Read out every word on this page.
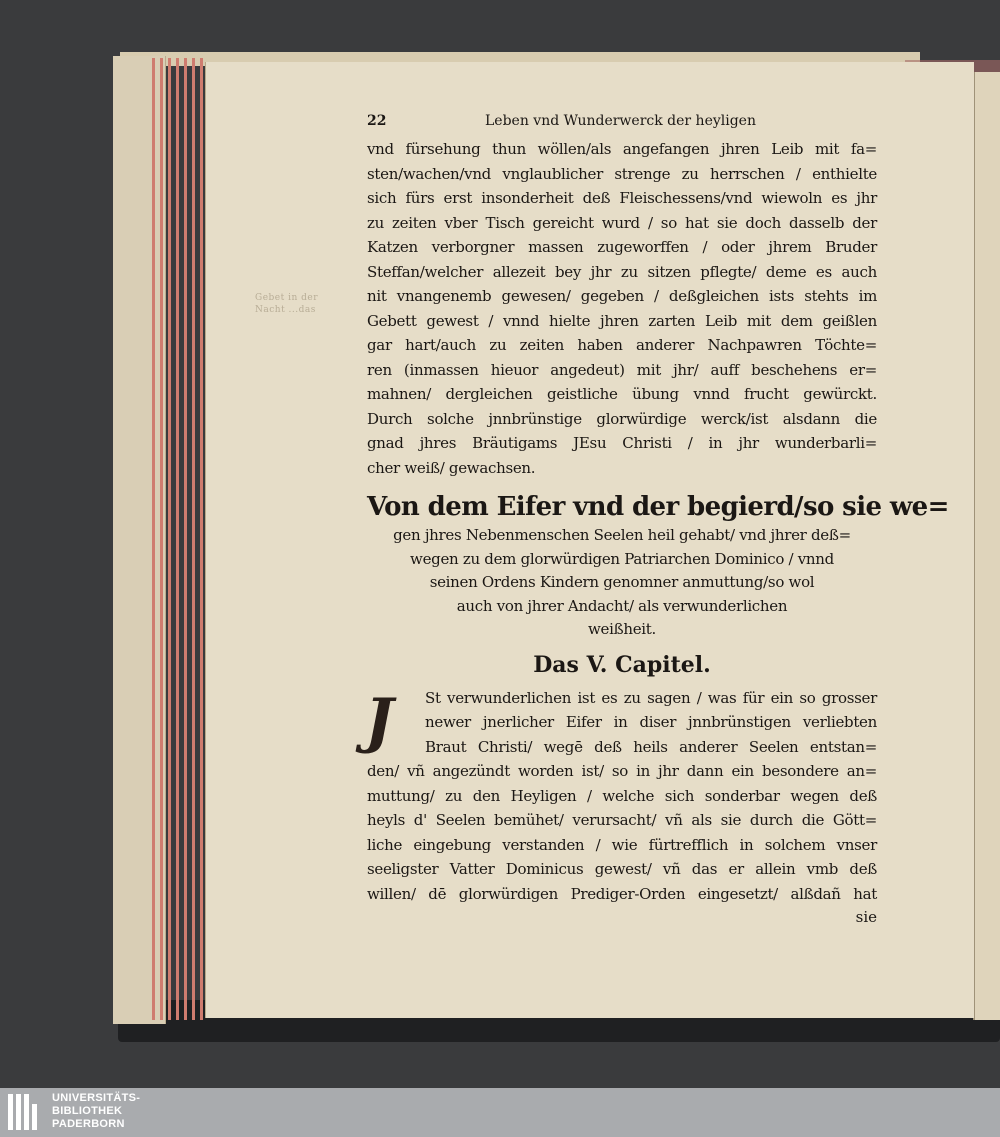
Gebet in der
Nacht ...das
22	Leben vnd Wunderwerck der heyligen
vnd fürsehung thun wöllen/als angefangen jhren Leib mit fa=
sten/wachen/vnd vnglaublicher strenge zu herrschen / enthielte
sich fürs erst insonderheit deß Fleischessens/vnd wiewoln es jhr
zu zeiten vber Tisch gereicht wurd / so hat sie doch dasselb der
Katzen verborgner massen zugeworffen / oder jhrem Bruder
Steffan/welcher allezeit bey jhr zu sitzen pflegte/ deme es auch
nit vnangenemb gewesen/ gegeben / deßgleichen ists stehts im
Gebett gewest / vnnd hielte jhren zarten Leib mit dem geißlen
gar hart/auch zu zeiten haben anderer Nachpawren Töchte=
ren (inmassen hieuor angedeut) mit jhr/ auff beschehens er=
mahnen/ dergleichen geistliche übung vnnd frucht gewürckt.
Durch solche jnnbrünstige glorwürdige werck/ist alsdann die
gnad jhres Bräutigams JEsu Christi / in jhr wunderbarli=
cher weiß/ gewachsen.
Von dem Eifer vnd der begierd/so sie we=
gen jhres Nebenmenschen Seelen heil gehabt/ vnd jhrer deß=
wegen zu dem glorwürdigen Patriarchen Dominico / vnnd
seinen Ordens Kindern genomner anmuttung/so wol
auch von jhrer Andacht/ als verwunderlichen
weißheit.
Das V. Capitel.
J	St verwunderlichen ist es zu sagen / was für ein so grosser
newer jnerlicher Eifer in diser jnnbrünstigen verliebten
Braut Christi/ wegē deß heils anderer Seelen entstan=
den/ vñ angezündt worden ist/ so in jhr dann ein besondere an=
muttung/ zu den Heyligen / welche sich sonderbar wegen deß
heyls d' Seelen bemühet/ verursacht/ vñ als sie durch die Gött=
liche eingebung verstanden / wie fürtrefflich in solchem vnser
seeligster Vatter Dominicus gewest/ vñ das er allein vmb deß
willen/ dē glorwürdigen Prediger-Orden eingesetzt/ alßdañ hat
sie
UNIVERSITÄTS-
BIBLIOTHEK
PADERBORN
